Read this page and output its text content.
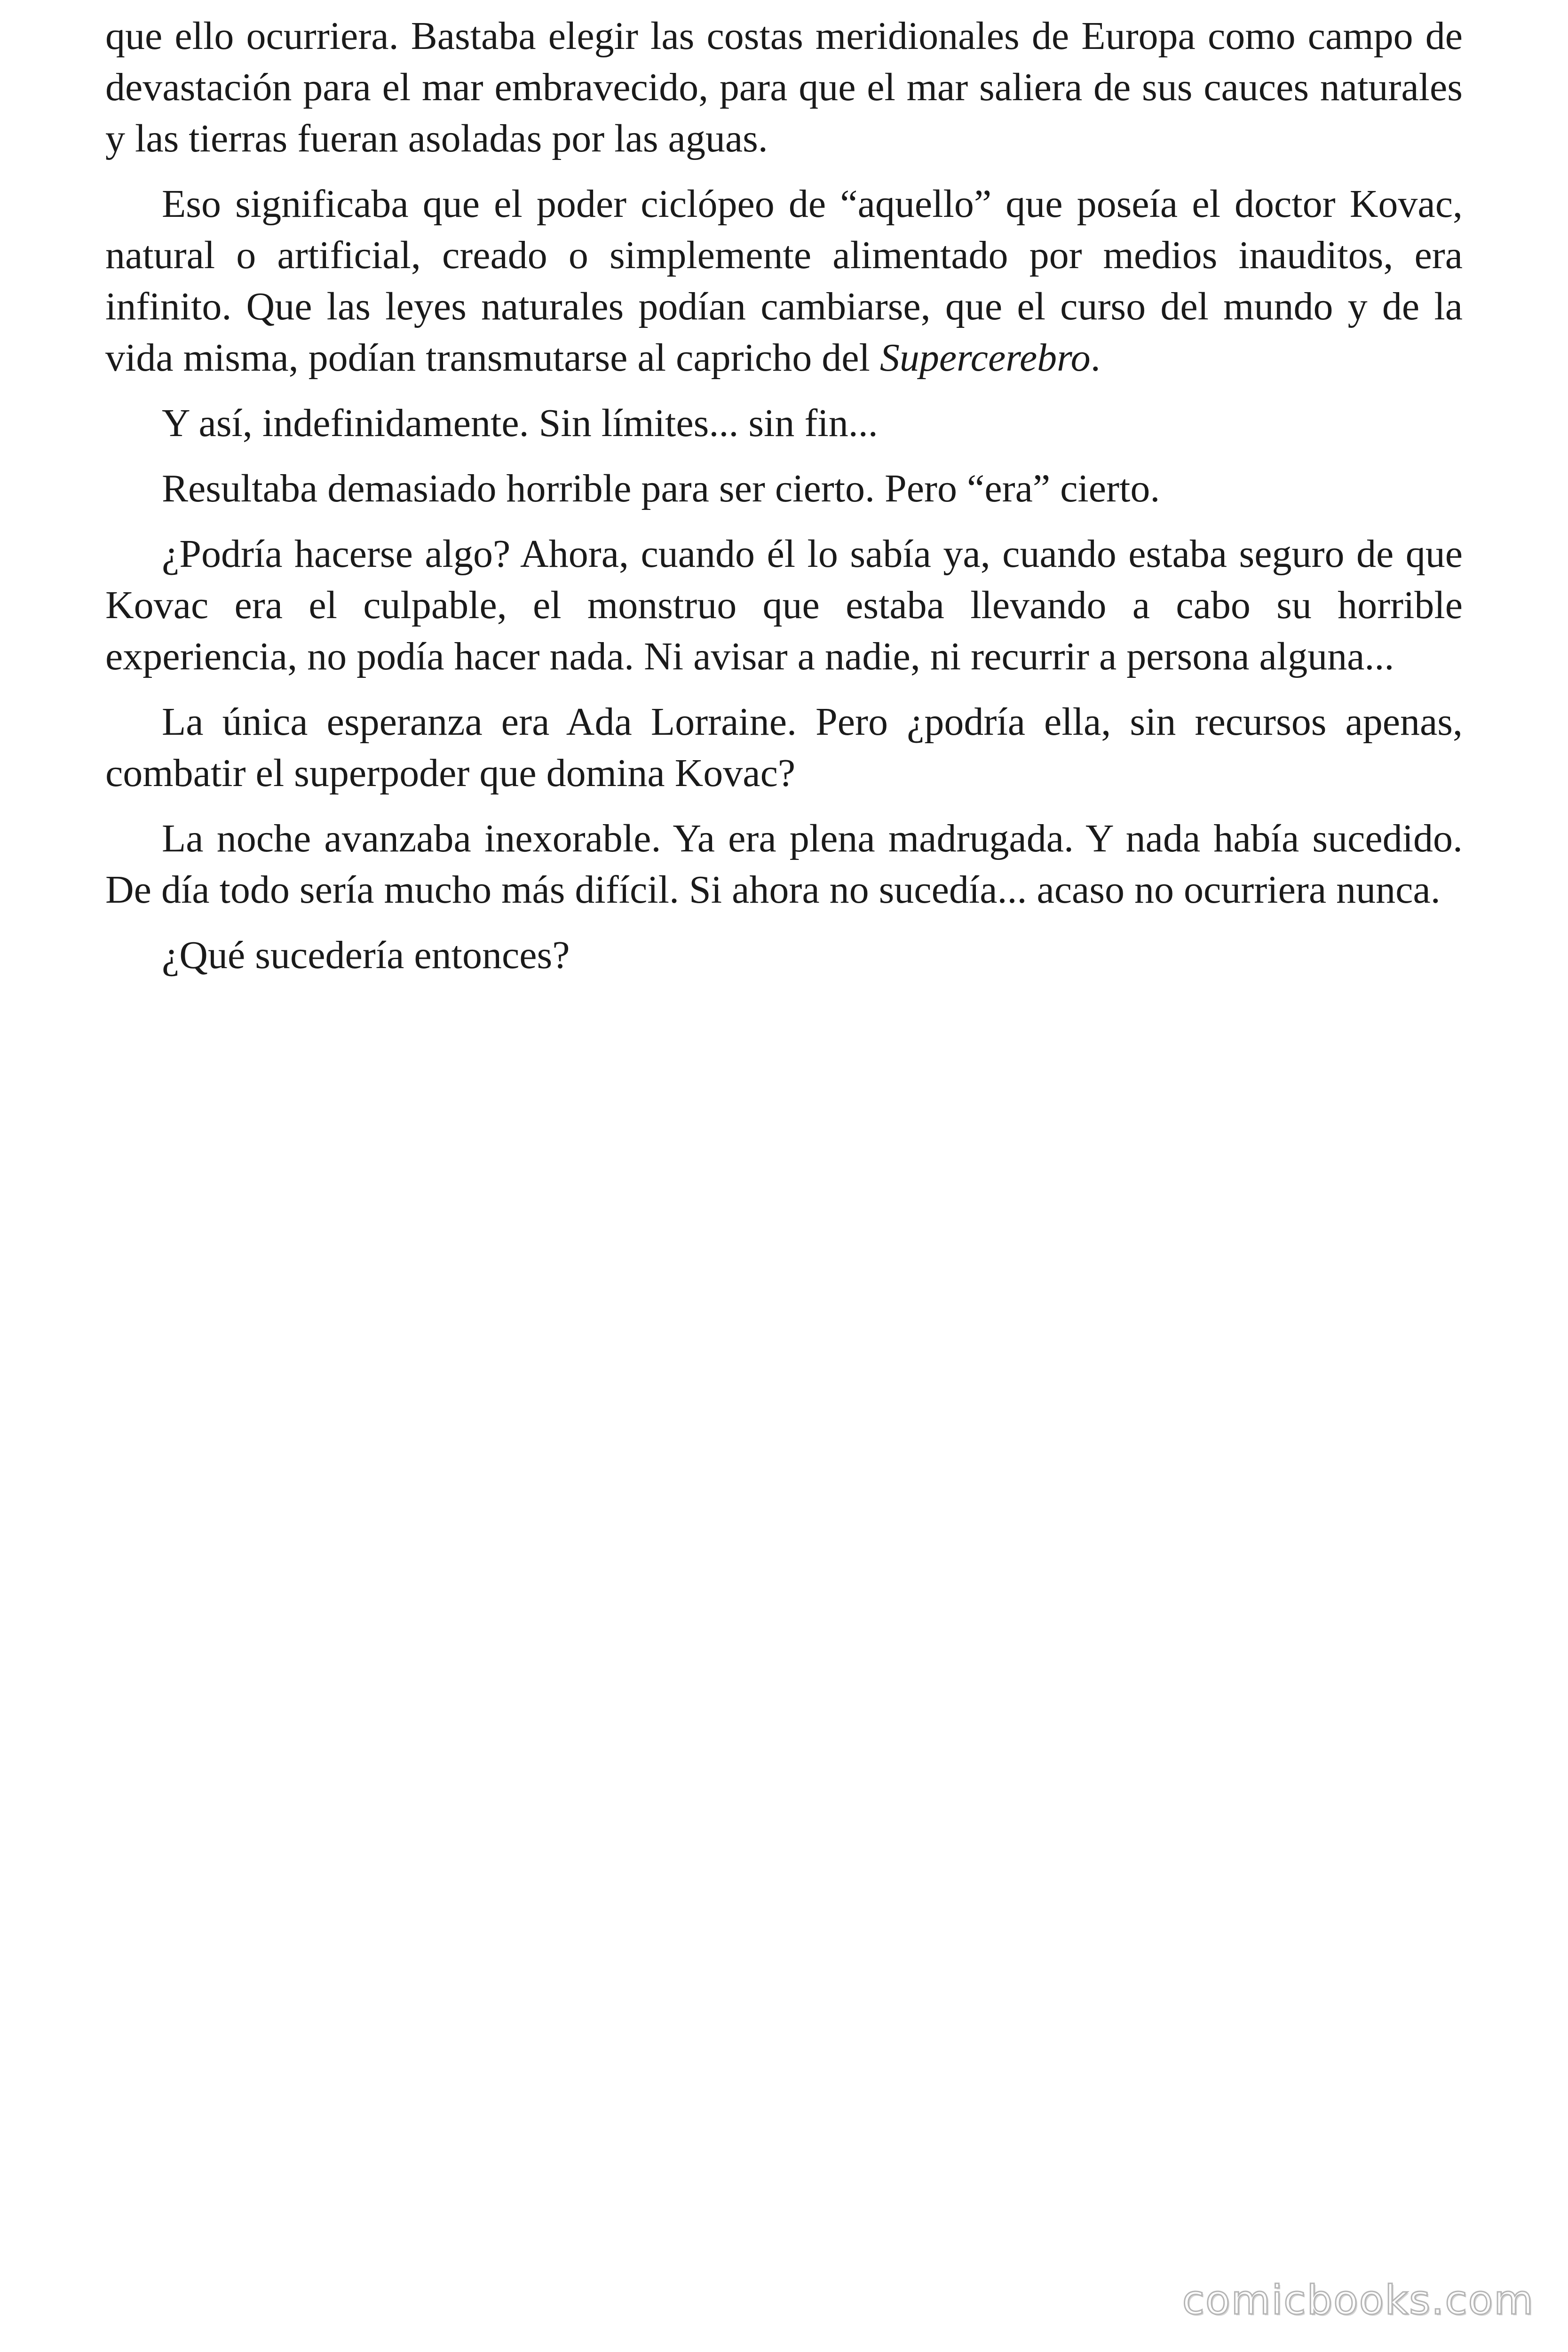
que ello ocurriera. Bastaba elegir las costas meridionales de Europa como campo de devastación para el mar embravecido, para que el mar saliera de sus cauces naturales y las tierras fueran asoladas por las aguas.

Eso significaba que el poder ciclópeo de “aquello” que poseía el doctor Kovac, natural o artificial, creado o simplemente alimentado por medios inauditos, era infinito. Que las leyes naturales podían cambiarse, que el curso del mundo y de la vida misma, podían transmutarse al capricho del Supercerebro.

Y así, indefinidamente. Sin límites... sin fin...

Resultaba demasiado horrible para ser cierto. Pero “era” cierto.

¿Podría hacerse algo? Ahora, cuando él lo sabía ya, cuando estaba seguro de que Kovac era el culpable, el monstruo que estaba llevando a cabo su horrible experiencia, no podía hacer nada. Ni avisar a nadie, ni recurrir a persona alguna...

La única esperanza era Ada Lorraine. Pero ¿podría ella, sin recursos apenas, combatir el superpoder que domina Kovac?

La noche avanzaba inexorable. Ya era plena madrugada. Y nada había sucedido. De día todo sería mucho más difícil. Si ahora no sucedía... acaso no ocurriera nunca.

¿Qué sucedería entonces?

comicbooks.com
